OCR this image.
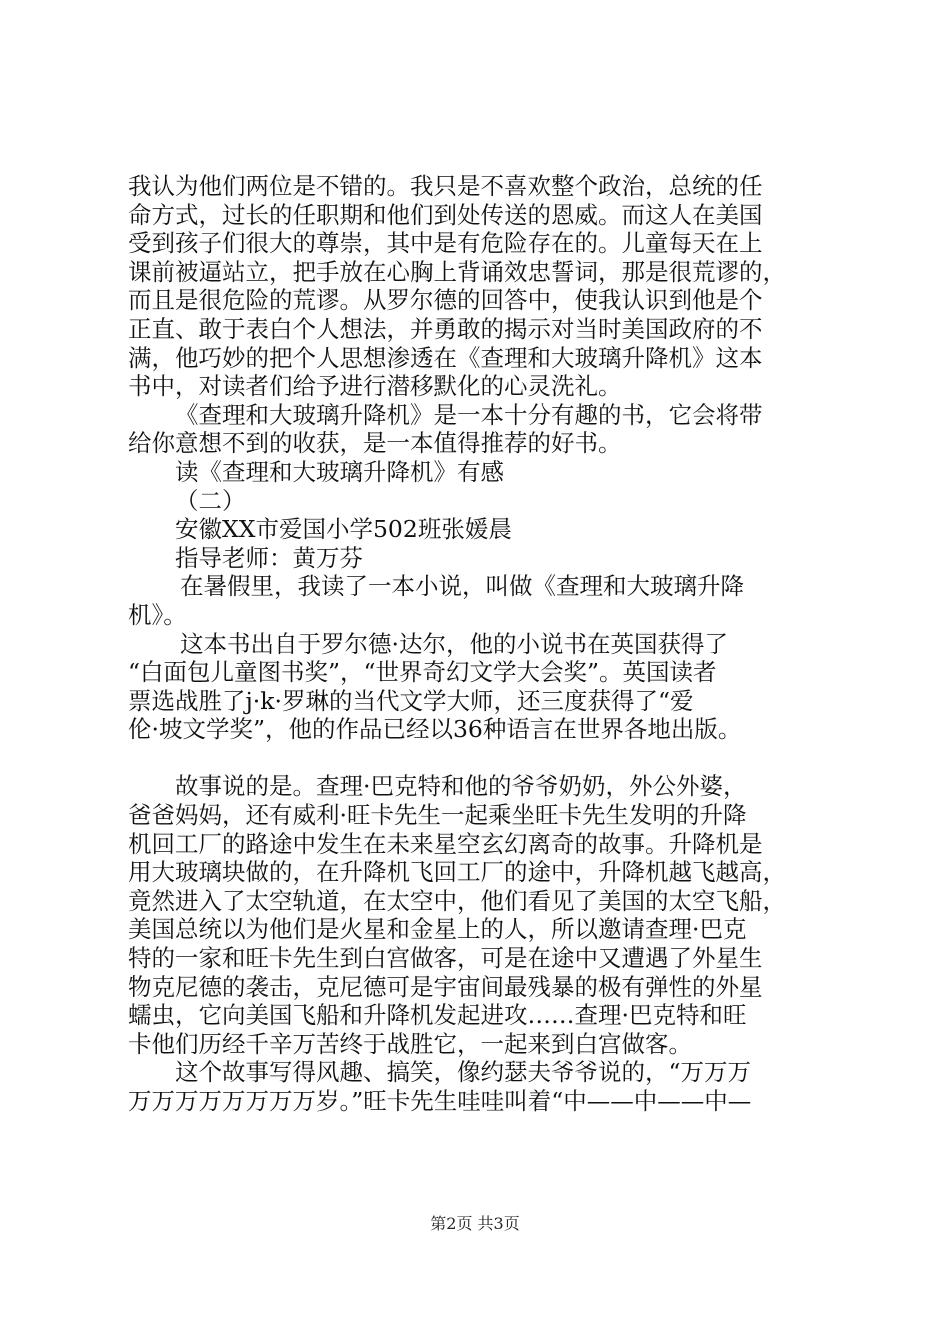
我认为他们两位是不错的。我只是不喜欢整个政治，总统的任
命方式，过长的任职期和他们到处传送的恩威。而这人在美国
受到孩子们很大的尊崇，其中是有危险存在的。儿童每天在上
课前被逼站立，把手放在心胸上背诵效忠誓词，那是很荒谬的，
而且是很危险的荒谬。从罗尔德的回答中，使我认识到他是个
正直、敢于表白个人想法，并勇敢的揭示对当时美国政府的不
满，他巧妙的把个人思想渗透在《查理和大玻璃升降机》这本
书中，对读者们给予进行潜移默化的心灵洗礼。
《查理和大玻璃升降机》是一本十分有趣的书，它会将带
给你意想不到的收获，是一本值得推荐的好书。
读《查理和大玻璃升降机》有感
（二）
安徽XX市爱国小学502班张媛晨
指导老师：黄万芬
在暑假里，我读了一本小说，叫做《查理和大玻璃升降
机》。
这本书出自于罗尔德·达尔，他的小说书在英国获得了
“白面包儿童图书奖”，“世界奇幻文学大会奖”。英国读者
票选战胜了j·k·罗琳的当代文学大师，还三度获得了“爱
伦·坡文学奖”，他的作品已经以36种语言在世界各地出版。
故事说的是。查理·巴克特和他的爷爷奶奶，外公外婆，
爸爸妈妈，还有威利·旺卡先生一起乘坐旺卡先生发明的升降
机回工厂的路途中发生在未来星空玄幻离奇的故事。升降机是
用大玻璃块做的，在升降机飞回工厂的途中，升降机越飞越高，
竟然进入了太空轨道，在太空中，他们看见了美国的太空飞船，
美国总统以为他们是火星和金星上的人，所以邀请查理·巴克
特的一家和旺卡先生到白宫做客，可是在途中又遭遇了外星生
物克尼德的袭击，克尼德可是宇宙间最残暴的极有弹性的外星
蠕虫，它向美国飞船和升降机发起进攻……查理·巴克特和旺
卡他们历经千辛万苦终于战胜它，一起来到白宫做客。
这个故事写得风趣、搞笑，像约瑟夫爷爷说的，“万万万
万万万万万万万万岁。”旺卡先生哇哇叫着“中——中——中—
第2页 共3页
